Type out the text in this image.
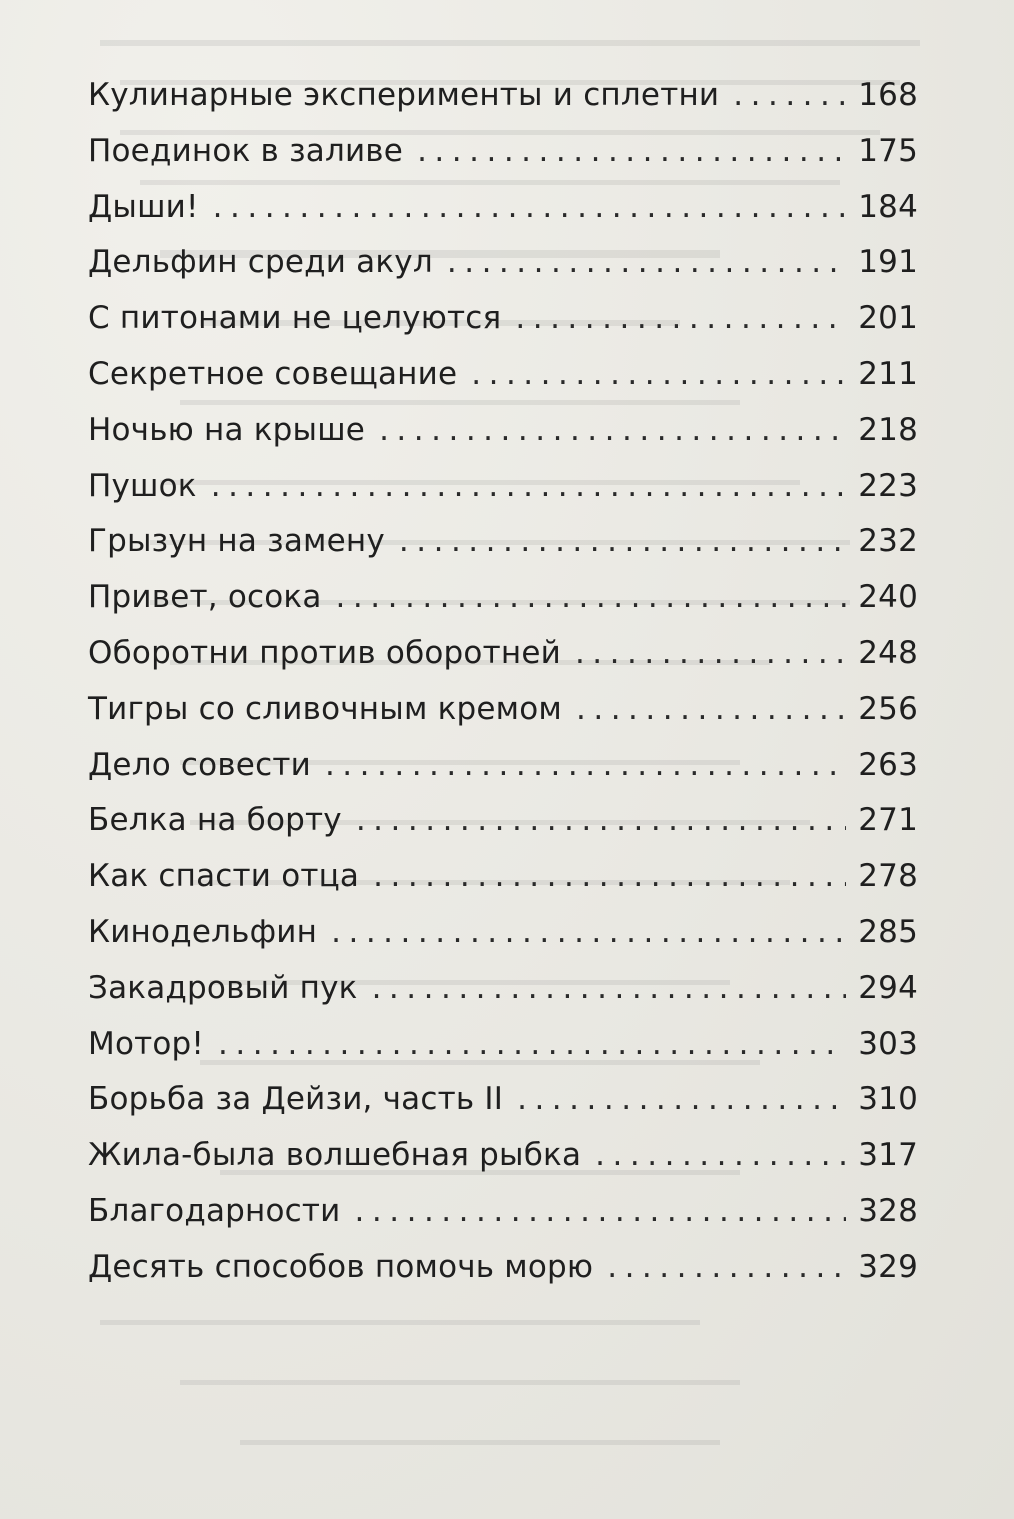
Кулинарные эксперименты и сплетни .....	168
Поединок в заливе .....	175
Дыши! .....	184
Дельфин среди акул .....	191
С питонами не целуются .....	201
Секретное совещание .....	211
Ночью на крыше .....	218
Пушок .....	223
Грызун на замену .....	232
Привет, осока .....	240
Оборотни против оборотней .....	248
Тигры со сливочным кремом .....	256
Дело совести .....	263
Белка на борту .....	271
Как спасти отца .....	278
Кинодельфин .....	285
Закадровый пук .....	294
Мотор! .....	303
Борьба за Дейзи, часть II .....	310
Жила-была волшебная рыбка .....	317
Благодарности .....	328
Десять способов помочь морю .....	329
